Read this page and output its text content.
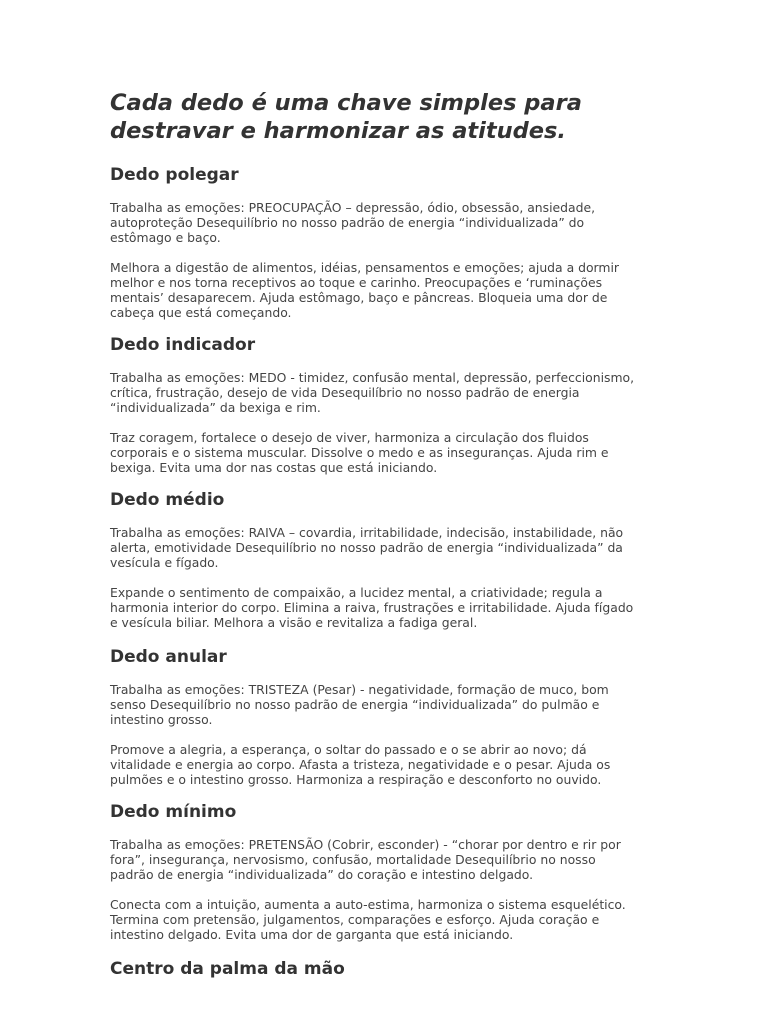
Cada dedo é uma chave simples para
destravar e harmonizar as atitudes.
Dedo polegar

Trabalha as emoções: PREOCUPAÇÃO – depressão, ódio, obsessão, ansiedade,
autoproteção Desequilíbrio no nosso padrão de energia “individualizada” do
estômago e baço.

Melhora a digestão de alimentos, idéias, pensamentos e emoções; ajuda a dormir
melhor e nos torna receptivos ao toque e carinho. Preocupações e ‘ruminações
mentais’ desaparecem. Ajuda estômago, baço e pâncreas. Bloqueia uma dor de
cabeça que está começando.

Dedo indicador

Trabalha as emoções: MEDO - timidez, confusão mental, depressão, perfeccionismo,
crítica, frustração, desejo de vida Desequilíbrio no nosso padrão de energia
“individualizada” da bexiga e rim.

Traz coragem, fortalece o desejo de viver, harmoniza a circulação dos fluidos
corporais e o sistema muscular. Dissolve o medo e as inseguranças. Ajuda rim e
bexiga. Evita uma dor nas costas que está iniciando.

Dedo médio

Trabalha as emoções: RAIVA – covardia, irritabilidade, indecisão, instabilidade, não
alerta, emotividade Desequilíbrio no nosso padrão de energia “individualizada” da
vesícula e fígado.

Expande o sentimento de compaixão, a lucidez mental, a criatividade; regula a
harmonia interior do corpo. Elimina a raiva, frustrações e irritabilidade. Ajuda fígado
e vesícula biliar. Melhora a visão e revitaliza a fadiga geral.

Dedo anular

Trabalha as emoções: TRISTEZA (Pesar) - negatividade, formação de muco, bom
senso Desequilíbrio no nosso padrão de energia “individualizada” do pulmão e
intestino grosso.

Promove a alegria, a esperança, o soltar do passado e o se abrir ao novo; dá
vitalidade e energia ao corpo. Afasta a tristeza, negatividade e o pesar. Ajuda os
pulmões e o intestino grosso. Harmoniza a respiração e desconforto no ouvido.

Dedo mínimo

Trabalha as emoções: PRETENSÃO (Cobrir, esconder) - “chorar por dentro e rir por
fora”, insegurança, nervosismo, confusão, mortalidade Desequilíbrio no nosso
padrão de energia “individualizada” do coração e intestino delgado.

Conecta com a intuição, aumenta a auto-estima, harmoniza o sistema esquelético.
Termina com pretensão, julgamentos, comparações e esforço. Ajuda coração e
intestino delgado. Evita uma dor de garganta que está iniciando.

Centro da palma da mão
